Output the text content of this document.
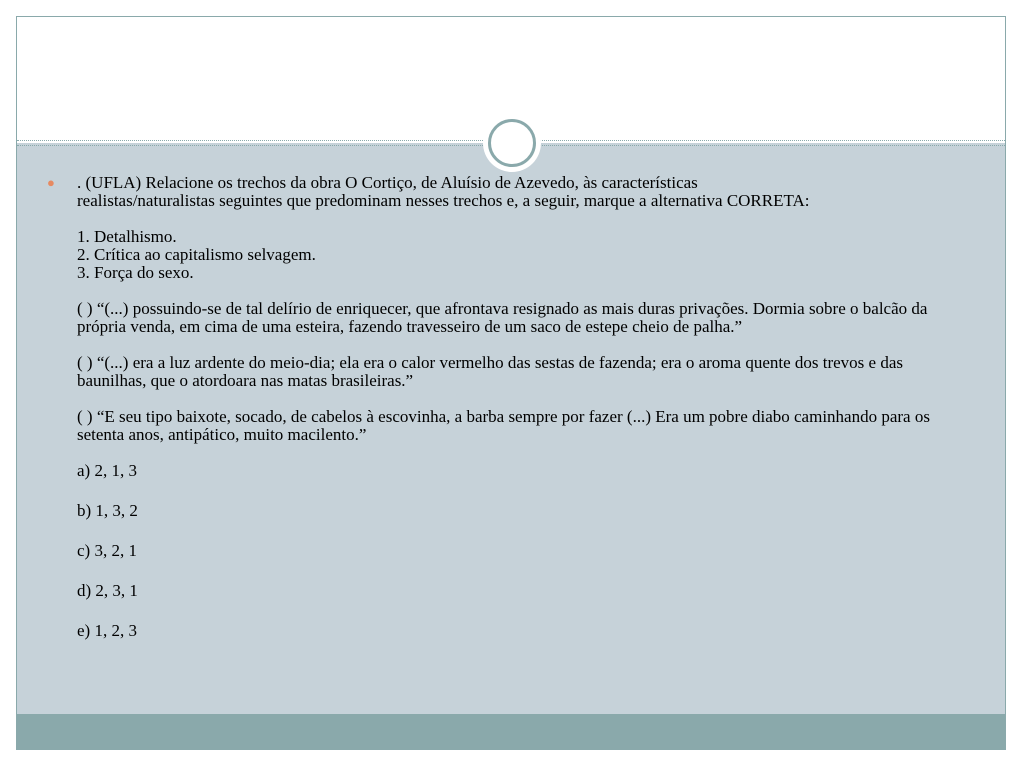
●	. (UFLA) Relacione os trechos da obra O Cortiço, de Aluísio de Azevedo, às características

realistas/naturalistas seguintes que predominam nesses trechos e, a seguir, marque a alternativa CORRETA:

1. Detalhismo.

2. Crítica ao capitalismo selvagem.

3. Força do sexo.

( ) “(...) possuindo-se de tal delírio de enriquecer, que afrontava resignado as mais duras privações. Dormia sobre o balcão da própria venda, em cima de uma esteira, fazendo travesseiro de um saco de estepe cheio de palha.”

( ) “(...) era a luz ardente do meio-dia; ela era o calor vermelho das sestas de fazenda; era o aroma quente dos trevos e das baunilhas, que o atordoara nas matas brasileiras.”

( ) “E seu tipo baixote, socado, de cabelos à escovinha, a barba sempre por fazer (...) Era um pobre diabo caminhando para os setenta anos, antipático, muito macilento.”

a) 2, 1, 3

b) 1, 3, 2

c) 3, 2, 1

d) 2, 3, 1

e) 1, 2, 3
